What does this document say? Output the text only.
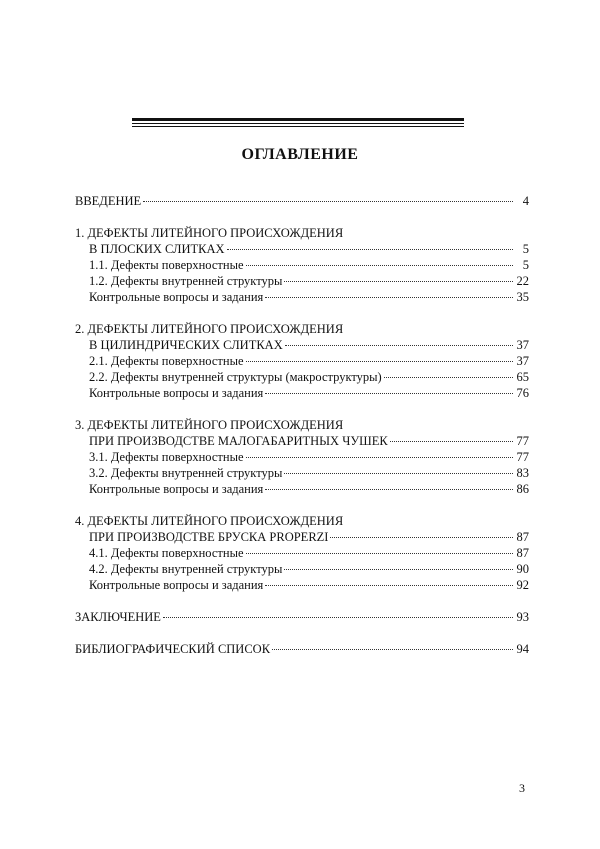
ОГЛАВЛЕНИЕ
ВВЕДЕНИЕ	4
1. ДЕФЕКТЫ ЛИТЕЙНОГО ПРОИСХОЖДЕНИЯ
В ПЛОСКИХ СЛИТКАХ	5
1.1. Дефекты поверхностные	5
1.2. Дефекты внутренней структуры	22
Контрольные вопросы и задания	35
2. ДЕФЕКТЫ ЛИТЕЙНОГО ПРОИСХОЖДЕНИЯ
В ЦИЛИНДРИЧЕСКИХ СЛИТКАХ	37
2.1. Дефекты поверхностные	37
2.2. Дефекты внутренней структуры (макроструктуры)	65
Контрольные вопросы и задания	76
3. ДЕФЕКТЫ ЛИТЕЙНОГО ПРОИСХОЖДЕНИЯ
ПРИ ПРОИЗВОДСТВЕ МАЛОГАБАРИТНЫХ ЧУШЕК	77
3.1. Дефекты поверхностные	77
3.2. Дефекты внутренней структуры	83
Контрольные вопросы и задания	86
4. ДЕФЕКТЫ ЛИТЕЙНОГО ПРОИСХОЖДЕНИЯ
ПРИ ПРОИЗВОДСТВЕ БРУСКА PROPERZI	87
4.1. Дефекты поверхностные	87
4.2. Дефекты внутренней структуры	90
Контрольные вопросы и задания	92
ЗАКЛЮЧЕНИЕ	93
БИБЛИОГРАФИЧЕСКИЙ СПИСОК	94
3
